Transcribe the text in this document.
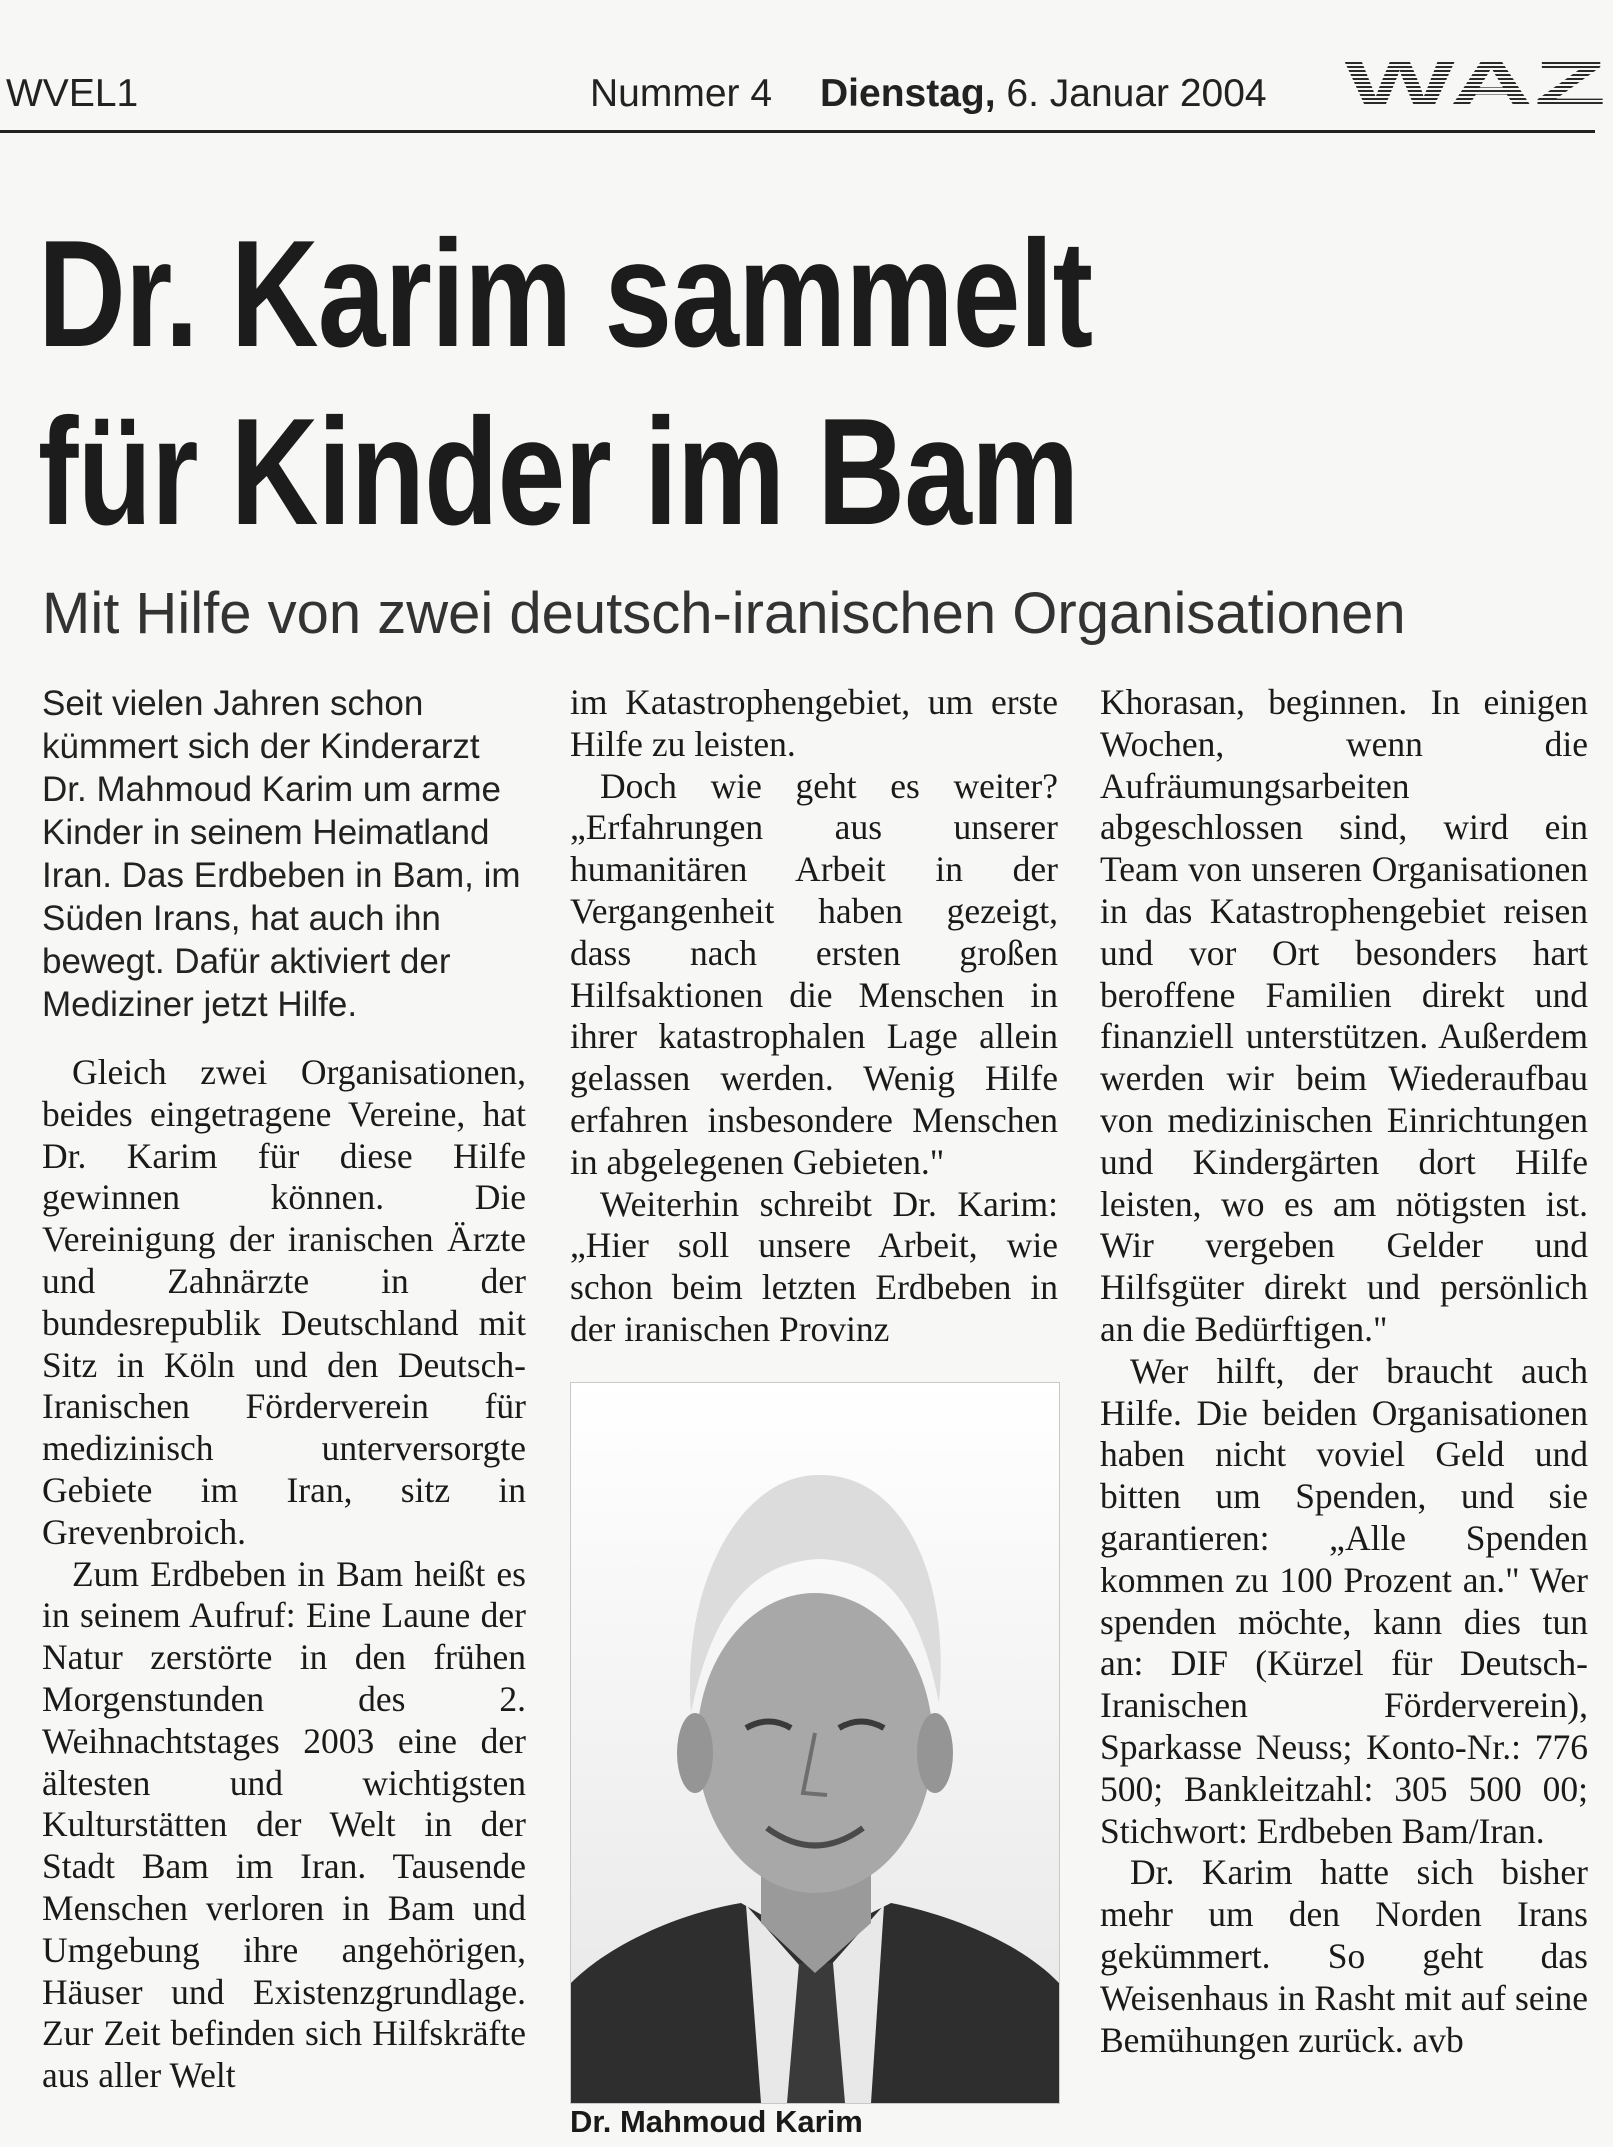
WVEL1	Nummer 4 Dienstag, 6. Januar 2004 WAZ
Dr. Karim sammelt
für Kinder im Bam
Mit Hilfe von zwei deutsch-iranischen Organisationen

Seit vielen Jahren schon kümmert sich der Kinderarzt Dr. Mahmoud Karim um arme Kinder in seinem Heimatland Iran. Das Erdbeben in Bam, im Süden Irans, hat auch ihn bewegt. Dafür aktiviert der Mediziner jetzt Hilfe.

Gleich zwei Organisationen, beides eingetragene Vereine, hat Dr. Karim für diese Hilfe gewinnen können. Die Vereinigung der iranischen Ärzte und Zahnärzte in der bundesrepublik Deutschland mit Sitz in Köln und den Deutsch-Iranischen Förderverein für medizinisch unterversorgte Gebiete im Iran, sitz in Grevenbroich.

Zum Erdbeben in Bam heißt es in seinem Aufruf: Eine Laune der Natur zerstörte in den frühen Morgenstunden des 2. Weihnachtstages 2003 eine der ältesten und wichtigsten Kulturstätten der Welt in der Stadt Bam im Iran. Tausende Menschen verloren in Bam und Umgebung ihre angehörigen, Häuser und Existenzgrundlage. Zur Zeit befinden sich Hilfskräfte aus aller Welt

im Katastrophengebiet, um erste Hilfe zu leisten.

Doch wie geht es weiter? „Erfahrungen aus unserer humanitären Arbeit in der Vergangenheit haben gezeigt, dass nach ersten großen Hilfsaktionen die Menschen in ihrer katastrophalen Lage allein gelassen werden. Wenig Hilfe erfahren insbesondere Menschen in abgelegenen Gebieten."

Weiterhin schreibt Dr. Karim: „Hier soll unsere Arbeit, wie schon beim letzten Erdbeben in der iranischen Provinz

Dr. Mahmoud Karim

Khorasan, beginnen. In einigen Wochen, wenn die Aufräumungsarbeiten abgeschlossen sind, wird ein Team von unseren Organisationen in das Katastrophengebiet reisen und vor Ort besonders hart beroffene Familien direkt und finanziell unterstützen. Außerdem werden wir beim Wiederaufbau von medizinischen Einrichtungen und Kindergärten dort Hilfe leisten, wo es am nötigsten ist. Wir vergeben Gelder und Hilfsgüter direkt und persönlich an die Bedürftigen."

Wer hilft, der braucht auch Hilfe. Die beiden Organisationen haben nicht voviel Geld und bitten um Spenden, und sie garantieren: „Alle Spenden kommen zu 100 Prozent an." Wer spenden möchte, kann dies tun an: DIF (Kürzel für Deutsch-Iranischen Förderverein), Sparkasse Neuss; Konto-Nr.: 776 500; Bankleitzahl: 305 500 00; Stichwort: Erdbeben Bam/Iran.

Dr. Karim hatte sich bisher mehr um den Norden Irans gekümmert. So geht das Weisenhaus in Rasht mit auf seine Bemühungen zurück. avb
